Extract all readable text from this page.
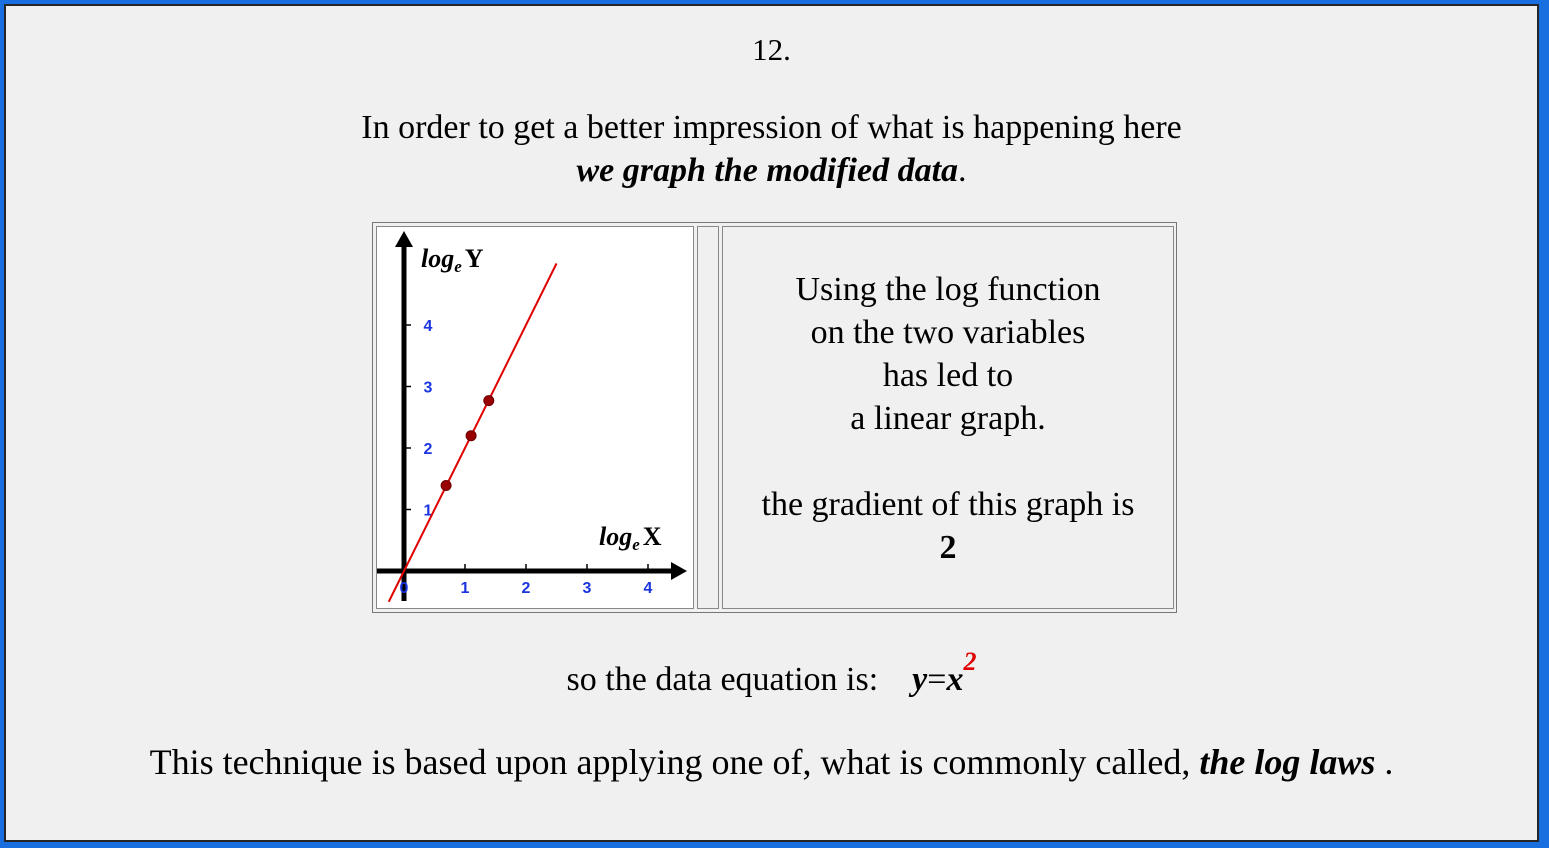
12.
In order to get a better impression of what is happening here
we graph the modified data.
0	1	2	3	4
1
2
3
4
loge Y
loge X
Using the log function
on the two variables
has led to
a linear graph.
the gradient of this graph is
2
so the data equation is: $y=x^2$
This technique is based upon applying one of, what is commonly called, the log laws .
